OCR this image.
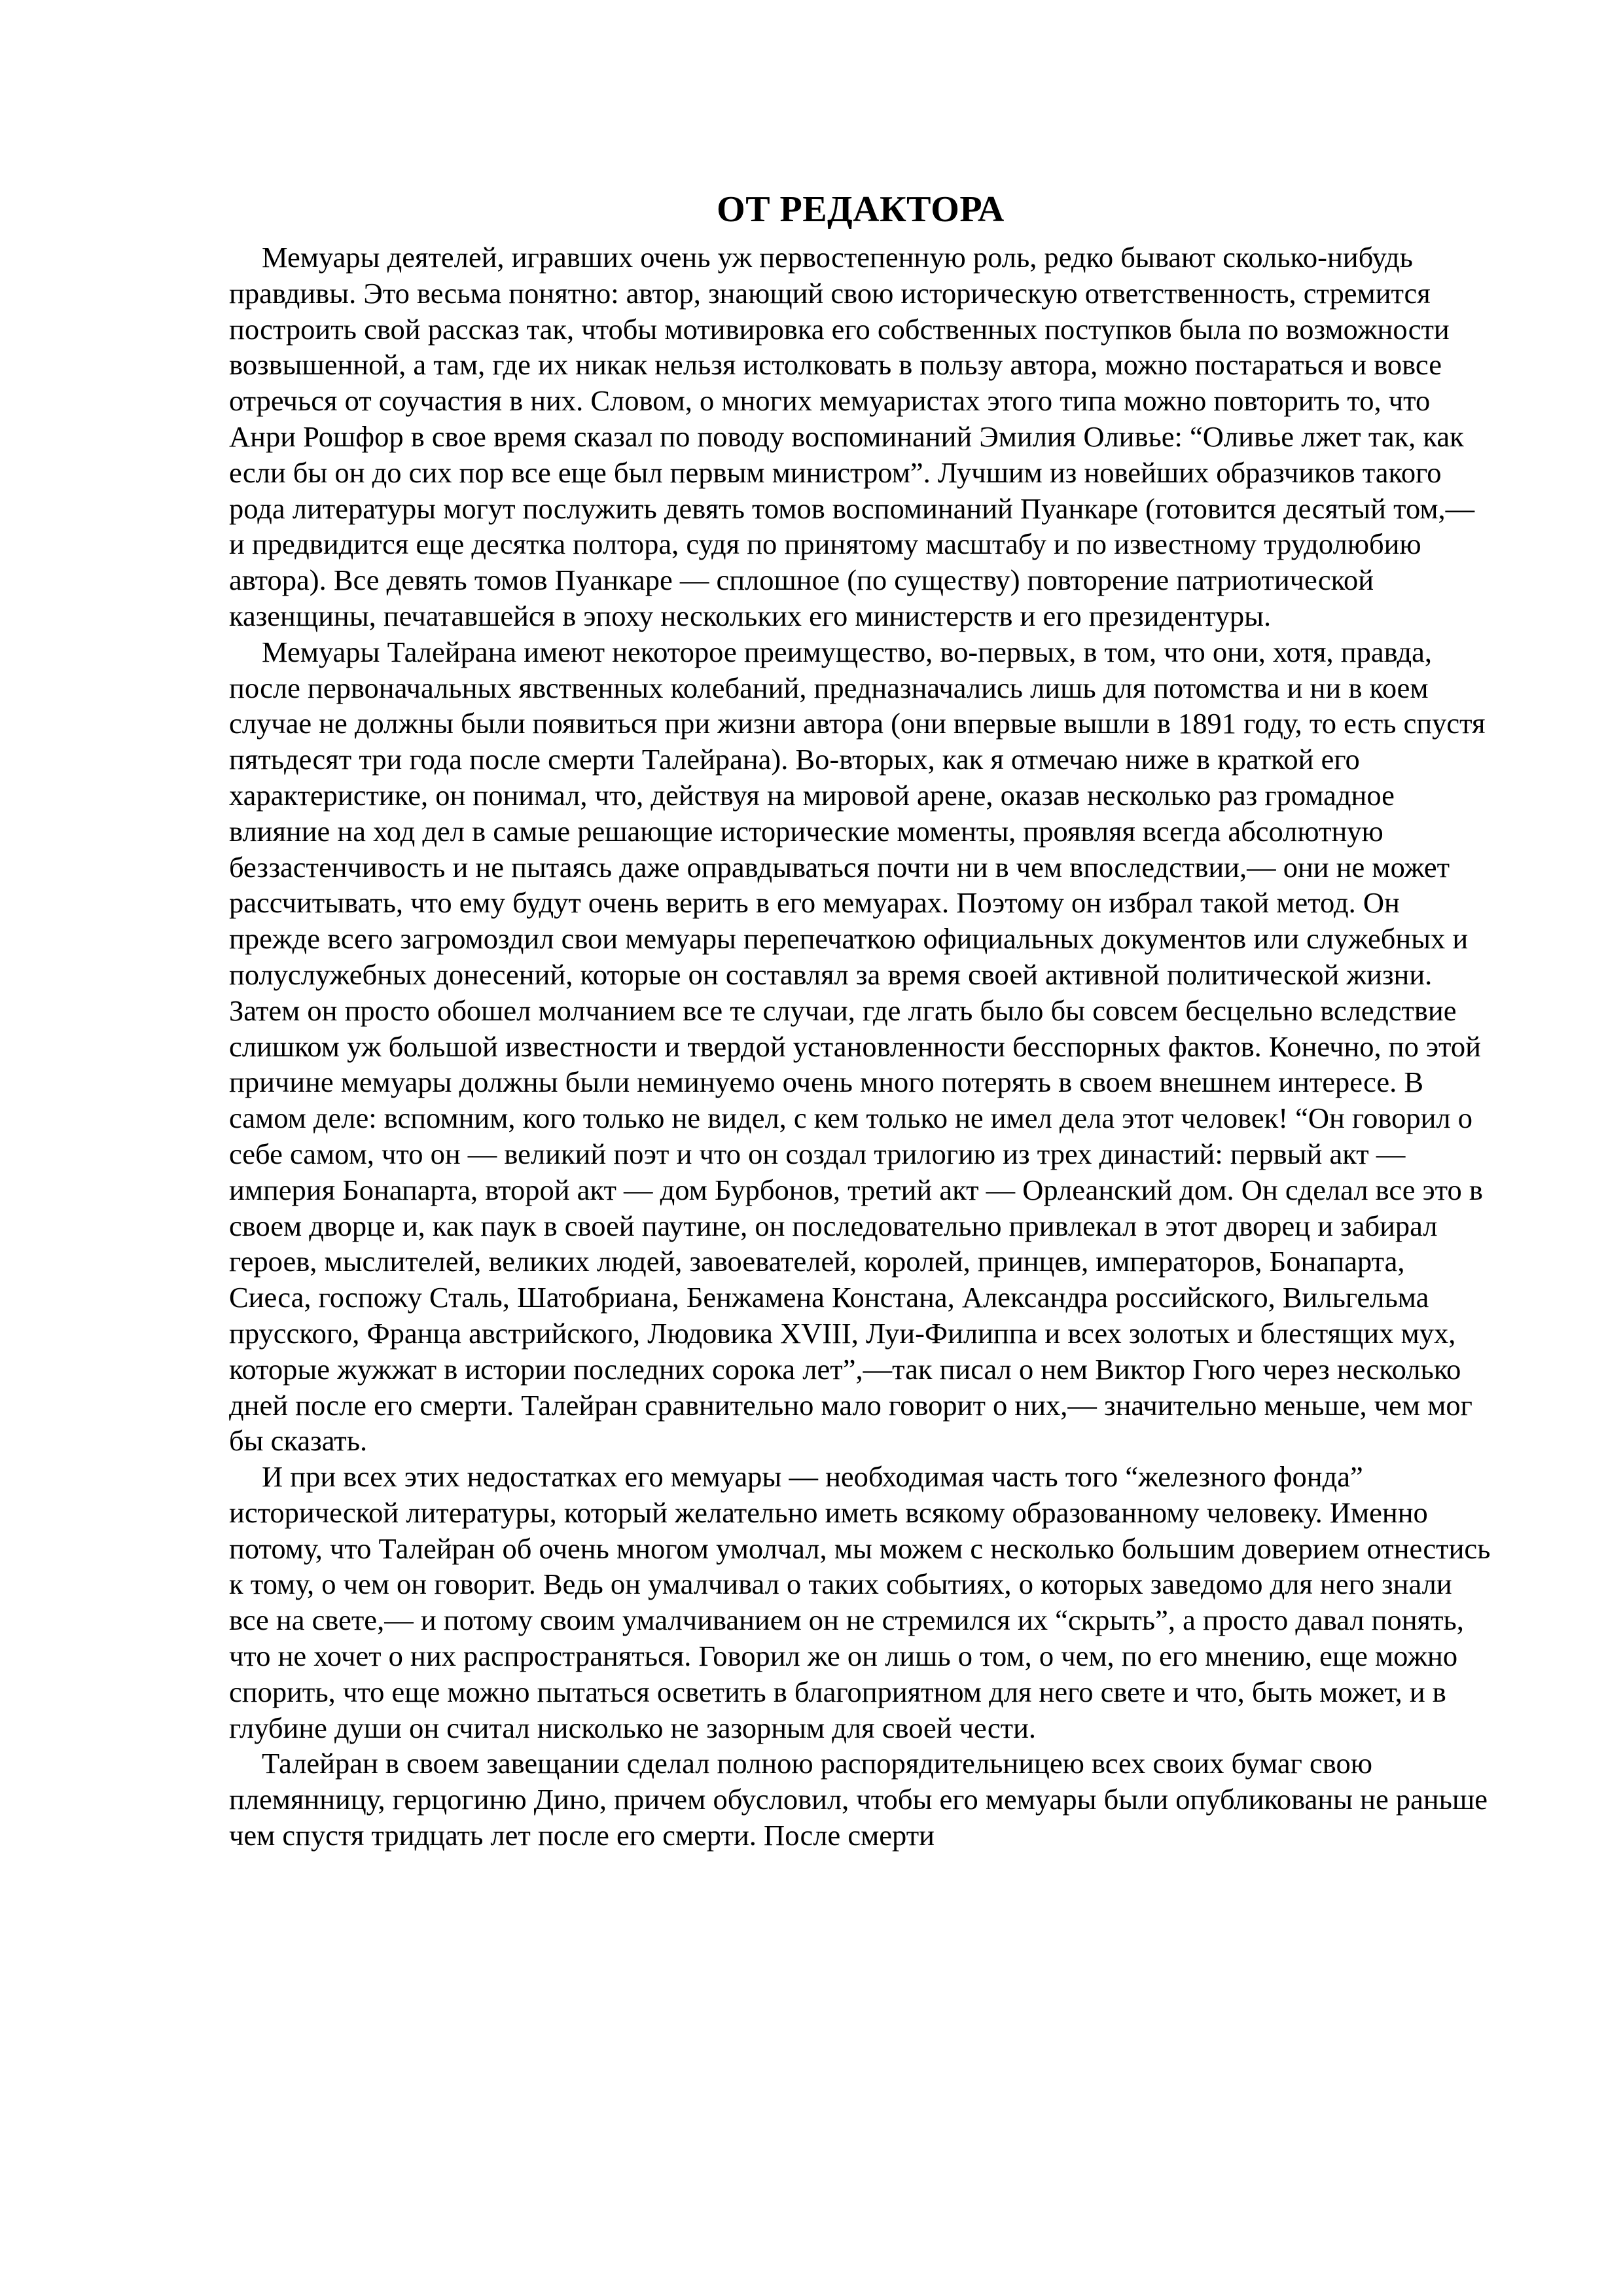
ОТ РЕДАКТОРА

Мемуары деятелей, игравших очень уж первостепенную роль, редко бывают сколько-нибудь правдивы. Это весьма понятно: автор, знающий свою историческую ответственность, стремится построить свой рассказ так, чтобы мотивировка его собственных поступков была по возможности возвышенной, а там, где их никак нельзя истолковать в пользу автора, можно постараться и вовсе отречься от соучастия в них. Словом, о многих мемуаристах этого типа можно повторить то, что Анри Рошфор в свое время сказал по поводу воспоминаний Эмилия Оливье: “Оливье лжет так, как если бы он до сих пор все еще был первым министром”. Лучшим из новейших образчиков такого рода литературы могут послужить девять томов воспоминаний Пуанкаре (готовится десятый том,— и предвидится еще десятка полтора, судя по принятому масштабу и по известному трудолюбию автора). Все девять томов Пуанкаре — сплошное (по существу) повторение патриотической казенщины, печатавшейся в эпоху нескольких его министерств и его президентуры.

Мемуары Талейрана имеют некоторое преимущество, во-первых, в том, что они, хотя, правда, после первоначальных явственных колебаний, предназначались лишь для потомства и ни в коем случае не должны были появиться при жизни автора (они впервые вышли в 1891 году, то есть спустя пятьдесят три года после смерти Талейрана). Во-вторых, как я отмечаю ниже в краткой его характеристике, он понимал, что, действуя на мировой арене, оказав несколько раз громадное влияние на ход дел в самые решающие исторические моменты, проявляя всегда абсолютную беззастенчивость и не пытаясь даже оправдываться почти ни в чем впоследствии,— они не может рассчитывать, что ему будут очень верить в его мемуарах. Поэтому он избрал такой метод. Он прежде всего загромоздил свои мемуары перепечаткою официальных документов или служебных и полуслужебных донесений, которые он составлял за время своей активной политической жизни. Затем он просто обошел молчанием все те случаи, где лгать было бы совсем бесцельно вследствие слишком уж большой известности и твердой установленности бесспорных фактов. Конечно, по этой причине мемуары должны были неминуемо очень много потерять в своем внешнем интересе. В самом деле: вспомним, кого только не видел, с кем только не имел дела этот человек! “Он говорил о себе самом, что он — великий поэт и что он создал трилогию из трех династий: первый акт — империя Бонапарта, второй акт — дом Бурбонов, третий акт — Орлеанский дом. Он сделал все это в своем дворце и, как паук в своей паутине, он последовательно привлекал в этот дворец и забирал героев, мыслителей, великих людей, завоевателей, королей, принцев, императоров, Бонапарта, Сиеса, госпожу Сталь, Шатобриана, Бенжамена Констана, Александра российского, Вильгельма прусского, Франца австрийского, Людовика XVIII, Луи-Филиппа и всех золотых и блестящих мух, которые жужжат в истории последних сорока лет”,—так писал о нем Виктор Гюго через несколько дней после его смерти. Талейран сравнительно мало говорит о них,— значительно меньше, чем мог бы сказать.

И при всех этих недостатках его мемуары — необходимая часть того “железного фонда” исторической литературы, который желательно иметь всякому образованному человеку. Именно потому, что Талейран об очень многом умолчал, мы можем с несколько большим доверием отнестись к тому, о чем он говорит. Ведь он умалчивал о таких событиях, о которых заведомо для него знали все на свете,— и потому своим умалчиванием он не стремился их “скрыть”, а просто давал понять, что не хочет о них распространяться. Говорил же он лишь о том, о чем, по его мнению, еще можно спорить, что еще можно пытаться осветить в благоприятном для него свете и что, быть может, и в глубине души он считал нисколько не зазорным для своей чести.

Талейран в своем завещании сделал полною распорядительницею всех своих бумаг свою племянницу, герцогиню Дино, причем обусловил, чтобы его мемуары были опубликованы не раньше чем спустя тридцать лет после его смерти. После смерти
